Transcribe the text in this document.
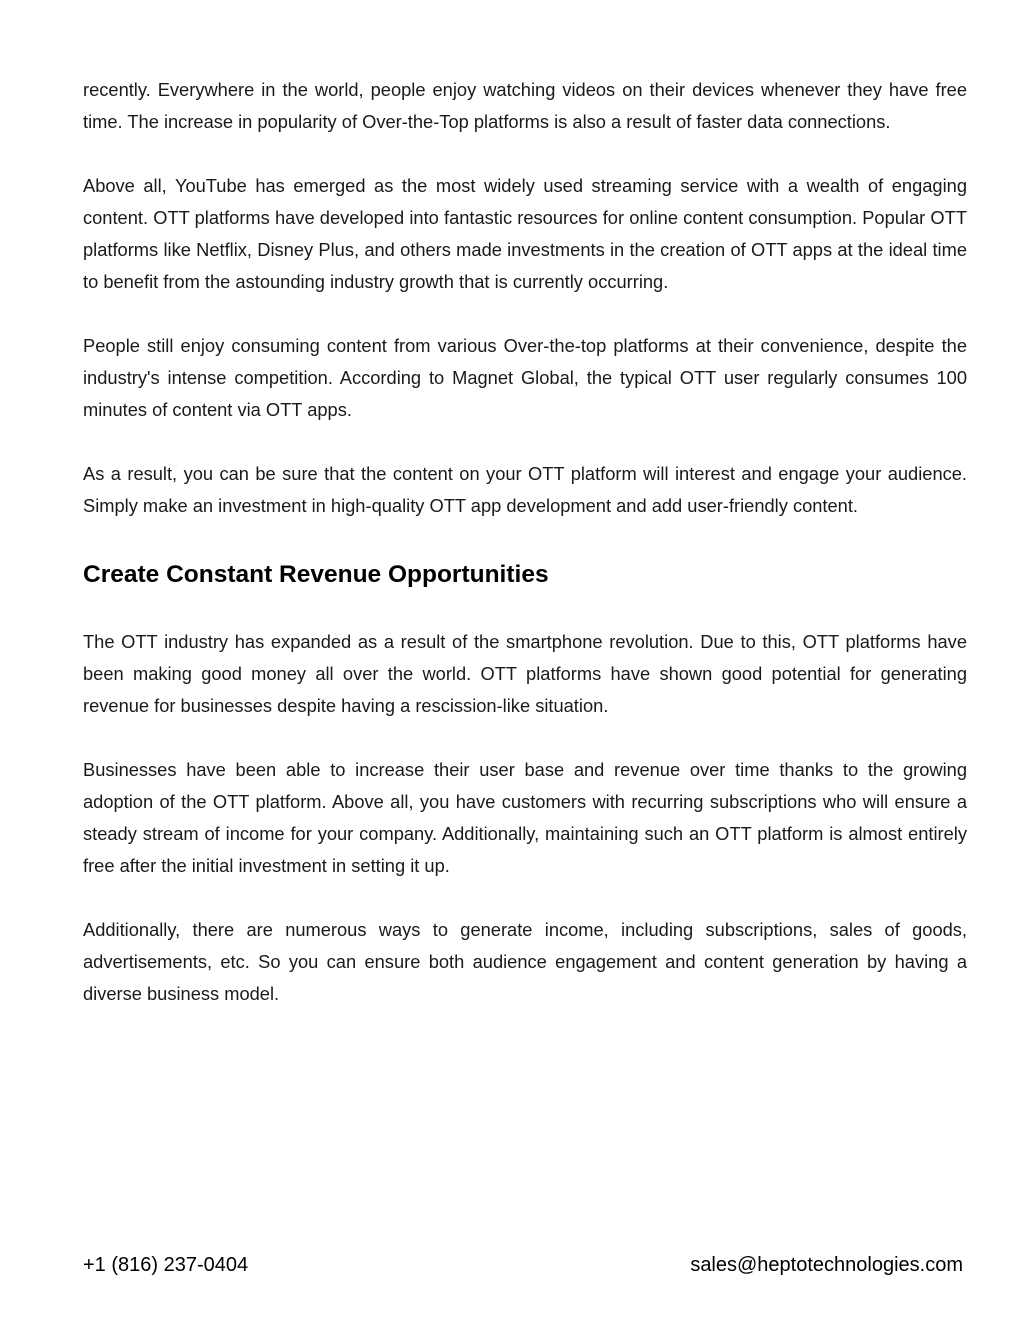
recently. Everywhere in the world, people enjoy watching videos on their devices whenever they have free time. The increase in popularity of Over-the-Top platforms is also a result of faster data connections.

Above all, YouTube has emerged as the most widely used streaming service with a wealth of engaging content. OTT platforms have developed into fantastic resources for online content consumption. Popular OTT platforms like Netflix, Disney Plus, and others made investments in the creation of OTT apps at the ideal time to benefit from the astounding industry growth that is currently occurring.

People still enjoy consuming content from various Over-the-top platforms at their convenience, despite the industry's intense competition. According to Magnet Global, the typical OTT user regularly consumes 100 minutes of content via OTT apps.

As a result, you can be sure that the content on your OTT platform will interest and engage your audience. Simply make an investment in high-quality OTT app development and add user-friendly content.

Create Constant Revenue Opportunities

The OTT industry has expanded as a result of the smartphone revolution. Due to this, OTT platforms have been making good money all over the world. OTT platforms have shown good potential for generating revenue for businesses despite having a rescission-like situation.

Businesses have been able to increase their user base and revenue over time thanks to the growing adoption of the OTT platform. Above all, you have customers with recurring subscriptions who will ensure a steady stream of income for your company. Additionally, maintaining such an OTT platform is almost entirely free after the initial investment in setting it up.

Additionally, there are numerous ways to generate income, including subscriptions, sales of goods, advertisements, etc. So you can ensure both audience engagement and content generation by having a diverse business model.

+1 (816) 237-0404	sales@heptotechnologies.com
